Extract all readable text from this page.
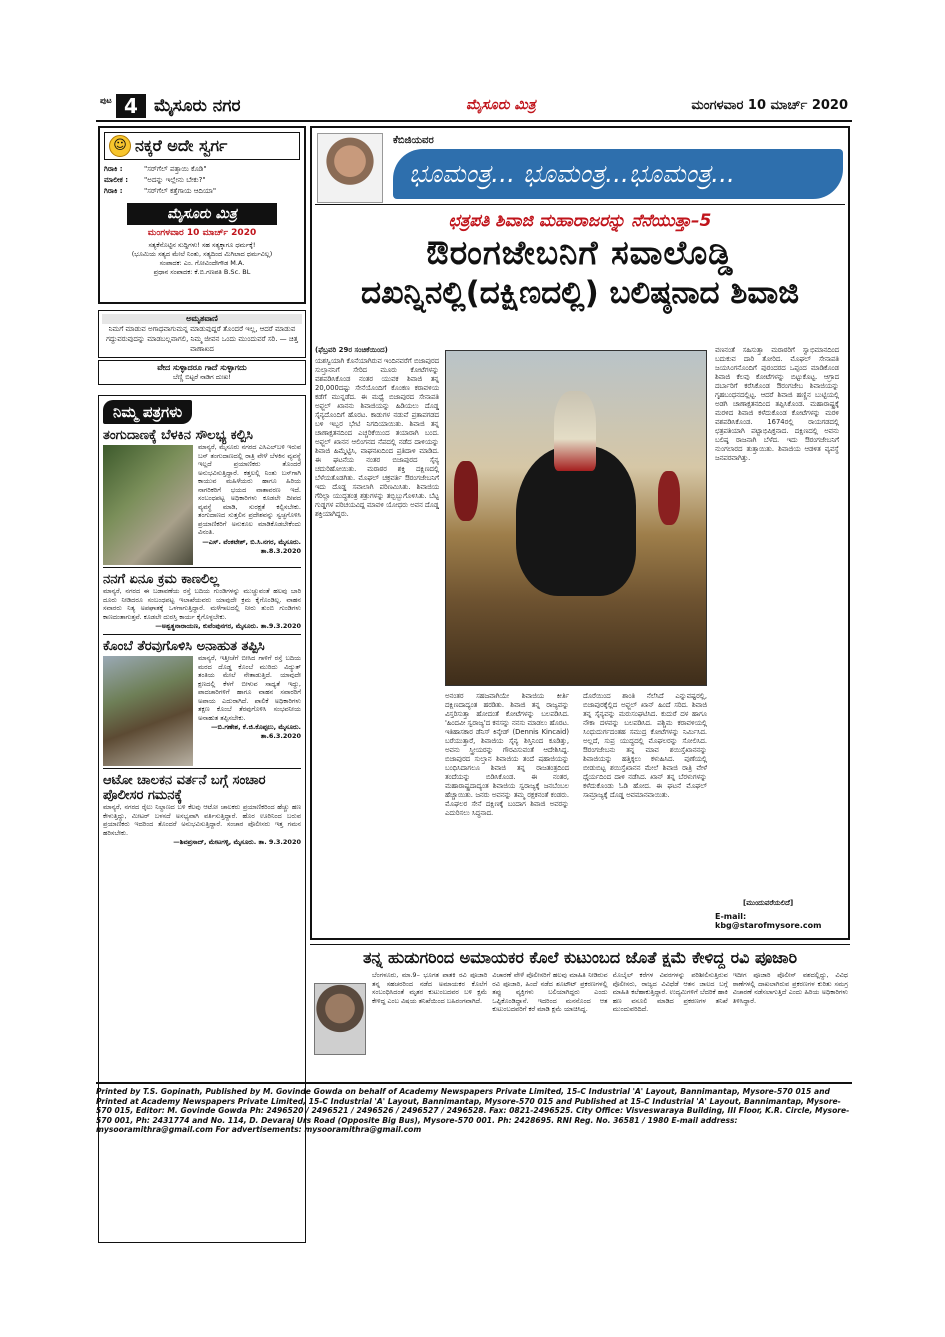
ಪುಟ 4 ಮೈಸೂರು ನಗರ	ಮೈಸೂರು ಮಿತ್ರ	ಮಂಗಳವಾರ 10 ಮಾರ್ಚ್ 2020
☺ ನಕ್ಕರೆ ಅದೇ ಸ್ವರ್ಗ
ಗಿರಾಕಿ :	"ಸರ್‌ಗೆಲ್ ಪತ್ತಾಯಿ ಕೊಡಿ"
ಮಾಲೀಕ :	"ಅದನ್ನು ಇಲ್ಲೇನು ಬೇಕು?"
ಗಿರಾಕಿ :	"ಸರ್‌ಗೆಲ್ ಕತ್ತೆಗಾಯ ಆದಿಯಾ"
ಮೈಸೂರು ಮಿತ್ರ
ಮಂಗಳವಾರ 10 ಮಾರ್ಚ್ 2020
ಸತ್ಯಕೆನೊಟ್ಟಿನ ಸುದ್ದಿಗಳು! ಸಹ ಸತ್ಯಕ್ಕಾಗೂ ಧರ್ಮಕ್ಕೆ!
(ಭೂಮಿಯ ಸತ್ಯದ ಮೇಲೆ ನಿಂತು, ಸತ್ಯದಿಂದ ಮಿಗಿಲಾದ ಧರ್ಮವಿಲ್ಲ)
ಸಂಪಾದಕ: ಎಂ. ಗೋವಿಂದೇಗೌಡ M.A.
ಪ್ರಧಾನ ಸಂಪಾದಕ: ಕೆ.ಬಿ.ಗಣಪತಿ B.Sc. BL
ಅಮೃತವಾಣಿ
ನಿಮಗೆ ಮಾಡುವ ಅಗಾಧವಾಗುಮನ್ನ ಮಾಡುವುದ್ದರೆ ತೊಂದರೆ ಇಲ್ಲ, ಆದರೆ ಮಾಡುವ ಗದ್ದುವರುವುದನ್ನು ಮಾಡಬಲ್ಲವಾಗಲಿ, ನಿಮ್ಮ ಜೀವನ ಒಂದು ಮುಂದುವರೆ ಸರಿ. — ಚಿತ್ತ ವಾಣಾಖದ
ವೇದ ಸುಳ್ಳಾದರೂ ಗಾದೆ ಸುಳ್ಳಾಗದು
ಬೆಣ್ಣಿ ಬಿಟ್ಟರೆ ನಾಡಿಗ ದುಃಖ!
ನಿಮ್ಮ ಪತ್ರಗಳು
ತಂಗುದಾಣಕ್ಕೆ ಬೆಳಕಿನ ಸೌಲಭ್ಯ ಕಲ್ಪಿಸಿ
ಮಾನ್ಯರೆ, ಮೈಸೂರು ನಗರದ ಎಸಿಎಲ್‌ಬಳಿ ಇರುವ ಬಸ್ ತಂಗುದಾಣದಲ್ಲಿ ರಾತ್ರಿ ವೇಳೆ ಬೆಳಕಿನ ವ್ಯವಸ್ಥೆ ಇಲ್ಲದೆ ಪ್ರಯಾಣಿಕರು ತೊಂದರೆ ಅನುಭವಿಸುತ್ತಿದ್ದಾರೆ. ಕತ್ತಲಲ್ಲಿ ನಿಂತು ಬಸ್‌ಗಾಗಿ ಕಾಯುವ ಮಹಿಳೆಯರು ಹಾಗೂ ಹಿರಿಯ ನಾಗರಿಕರಿಗೆ ಭಯದ ವಾತಾವರಣ ಇದೆ. ಸಂಬಂಧಪಟ್ಟ ಅಧಿಕಾರಿಗಳು ಕೂಡಲೇ ದೀಪದ ವ್ಯವಸ್ಥೆ ಮಾಡಿ, ಸುರಕ್ಷತೆ ಕಲ್ಪಿಸಬೇಕು. ತಂಗುದಾಣದ ಸುತ್ತಲಿನ ಪ್ರದೇಶವನ್ನು ಸ್ವಚ್ಛಗೊಳಿಸಿ ಪ್ರಯಾಣಿಕರಿಗೆ ಅನುಕೂಲ ಮಾಡಿಕೊಡಬೇಕೆಂದು ವಿನಂತಿ.
—ಎಸ್. ವೆಂಕಟೇಶ್, ಬಿ.ಸಿ.ನಗರ, ಮೈಸೂರು. ತಾ.8.3.2020
ನನಗೆ ಏನೂ ಕ್ರಮ ಕಾಣಲಿಲ್ಲ
ಮಾನ್ಯರೆ, ನಗರದ ಈ ಬಡಾವಣೆಯ ರಸ್ತೆ ಬದಿಯ ಗುಂಡಿಗಳನ್ನು ಮುಚ್ಚುವಂತೆ ಹಲವು ಬಾರಿ ದೂರು ನೀಡಿದರೂ ಸಂಬಂಧಪಟ್ಟ ಇಲಾಖೆಯವರು ಯಾವುದೇ ಕ್ರಮ ಕೈಗೊಂಡಿಲ್ಲ. ವಾಹನ ಸವಾರರು ನಿತ್ಯ ಅಪಘಾತಕ್ಕೆ ಒಳಗಾಗುತ್ತಿದ್ದಾರೆ. ಮಳೆಗಾಲದಲ್ಲಿ ನೀರು ತುಂಬಿ ಗುಂಡಿಗಳು ಕಾಣದಂತಾಗುತ್ತವೆ. ಕೂಡಲೇ ದುರಸ್ತಿ ಕಾರ್ಯ ಕೈಗೊಳ್ಳಬೇಕು.
—ಅಶ್ವತ್ಥನಾರಾಯಣ, ಕುವೆಂಪುನಗರ, ಮೈಸೂರು. ತಾ.9.3.2020
ಕೊಂಬೆ ತೆರವುಗೊಳಿಸಿ ಅನಾಹುತ ತಪ್ಪಿಸಿ
ಮಾನ್ಯರೆ, ಇತ್ತೀಚೆಗೆ ಬೀಸಿದ ಗಾಳಿಗೆ ರಸ್ತೆ ಬದಿಯ ಮರದ ದೊಡ್ಡ ಕೊಂಬೆ ಮುರಿದು ವಿದ್ಯುತ್ ತಂತಿಯ ಮೇಲೆ ನೇತಾಡುತ್ತಿದೆ. ಯಾವುದೇ ಕ್ಷಣದಲ್ಲಿ ಕೆಳಗೆ ಬೀಳುವ ಸಾಧ್ಯತೆ ಇದ್ದು, ಪಾದಚಾರಿಗಳಿಗೆ ಹಾಗೂ ವಾಹನ ಸವಾರರಿಗೆ ಅಪಾಯ ಎದುರಾಗಿದೆ. ಪಾಲಿಕೆ ಅಧಿಕಾರಿಗಳು ತಕ್ಷಣ ಕೊಂಬೆ ತೆರವುಗೊಳಿಸಿ ಸಂಭವನೀಯ ಅನಾಹುತ ತಪ್ಪಿಸಬೇಕು.
—ಬಿ.ಗಣೇಶ, ಕೆ.ಜಿ.ಕೊಪ್ಪಲು, ಮೈಸೂರು. ತಾ.6.3.2020
ಆಟೋ ಚಾಲಕನ ವರ್ತನೆ ಬಗ್ಗೆ ಸಂಚಾರ ಪೊಲೀಸರ ಗಮನಕ್ಕೆ
ಮಾನ್ಯರೆ, ನಗರದ ರೈಲು ನಿಲ್ದಾಣದ ಬಳಿ ಕೆಲವು ಆಟೋ ಚಾಲಕರು ಪ್ರಯಾಣಿಕರಿಂದ ಹೆಚ್ಚು ಹಣ ಕೇಳುತ್ತಿದ್ದು, ಮೀಟರ್ ಬಳಸದೆ ಅಸಭ್ಯವಾಗಿ ವರ್ತಿಸುತ್ತಿದ್ದಾರೆ. ಹೊರ ಊರಿನಿಂದ ಬರುವ ಪ್ರಯಾಣಿಕರು ಇದರಿಂದ ತೊಂದರೆ ಅನುಭವಿಸುತ್ತಿದ್ದಾರೆ. ಸಂಚಾರ ಪೊಲೀಸರು ಇತ್ತ ಗಮನ ಹರಿಸಬೇಕು.
—ಶಿವಪ್ರಸಾದ್, ಮೇಟಗಳ್ಳಿ, ಮೈಸೂರು. ತಾ. 9.3.2020
ಕೆಬಿಜಿಯವರ
ಭೂಮಂತ್ರ... ಭೂಮಂತ್ರ...ಭೂಮಂತ್ರ...
ಛತ್ರಪತಿ ಶಿವಾಜಿ ಮಹಾರಾಜರನ್ನು ನೆನೆಯುತ್ತಾ–5
ಔರಂಗಜೇಬನಿಗೆ ಸವಾಲೊಡ್ಡಿ
ದಖನ್ನಿನಲ್ಲಿ(ದಕ್ಷಿಣದಲ್ಲಿ) ಬಲಿಷ್ಠನಾದ ಶಿವಾಜಿ
(ಫೆಬ್ರವರಿ 29ರ ಸಂಚಿಕೆಯಿಂದ)
ಯಶಸ್ವಿಯಾಗಿ ಕೊನೆಯಾಗಿರುವ ಇಂದಿನವರೆಗೆ ಬಿಜಾಪುರದ ಸುಲ್ತಾನನಿಗೆ ಸೇರಿದ ಮೂರು ಕೋಟೆಗಳನ್ನು ವಶಪಡಿಸಿಕೊಂಡ ನಂತರ ಯುವಕ ಶಿವಾಜಿ ತನ್ನ 20,000ದಷ್ಟು ಸೇನೆಯೊಂದಿಗೆ ಕೊಂಕಣ ಕರಾವಳಿಯ ಕಡೆಗೆ ಮುನ್ನಡೆದ. ಈ ಮಧ್ಯೆ ಬಿಜಾಪುರದ ಸೇನಾಪತಿ ಅಫ್ಜಲ್ ಖಾನನು ಶಿವಾಜಿಯನ್ನು ಹಿಡಿಯಲು ದೊಡ್ಡ ಸೈನ್ಯದೊಂದಿಗೆ ಹೊರಟ. ಕಾಡುಗಳ ನಡುವೆ ಪ್ರತಾಪಗಡದ ಬಳಿ ಇಬ್ಬರ ಭೇಟಿ ನಿಗದಿಯಾಯಿತು. ಶಿವಾಜಿ ತನ್ನ ಚಾಣಾಕ್ಷತನದಿಂದ ಎಚ್ಚರಿಕೆಯಿಂದ ತಯಾರಾಗಿ ಬಂದ. ಅಫ್ಜಲ್ ಖಾನನ ಆಲಿಂಗನದ ನೆಪದಲ್ಲಿ ನಡೆದ ದಾಳಿಯನ್ನು ಶಿವಾಜಿ ಹಿಮ್ಮೆಟ್ಟಿಸಿ, ವಾಘನಖದಿಂದ ಪ್ರತಿದಾಳಿ ಮಾಡಿದ. ಈ ಘಟನೆಯ ನಂತರ ಬಿಜಾಪುರದ ಸೈನ್ಯ ಚದುರಿಹೋಯಿತು. ಮರಾಠರ ಶಕ್ತಿ ದಕ್ಷಿಣದಲ್ಲಿ ಬೆಳೆಯತೊಡಗಿತು. ಮೊಘಲ್ ಚಕ್ರವರ್ತಿ ಔರಂಗಜೇಬನಿಗೆ ಇದು ದೊಡ್ಡ ಸವಾಲಾಗಿ ಪರಿಣಮಿಸಿತು. ಶಿವಾಜಿಯ ಗೆರಿಲ್ಲಾ ಯುದ್ಧತಂತ್ರ ಶತ್ರುಗಳನ್ನು ತಬ್ಬಿಬ್ಬುಗೊಳಿಸಿತು. ಬೆಟ್ಟ ಗುಡ್ಡಗಳ ಪರಿಚಯವಿದ್ದ ಮಾವಳಿ ಯೋಧರು ಅವನ ದೊಡ್ಡ ಶಕ್ತಿಯಾಗಿದ್ದರು.
ಅನಂತರ ಸಹಜವಾಗಿಯೇ ಶಿವಾಜಿಯ ಕೀರ್ತಿ ದಕ್ಷಿಣದಾದ್ಯಂತ ಹರಡಿತು. ಶಿವಾಜಿ ತನ್ನ ರಾಜ್ಯವನ್ನು ವಿಸ್ತರಿಸುತ್ತಾ ಹೋದಂತೆ ಕೋಟೆಗಳನ್ನು ಬಲಪಡಿಸಿದ. 'ಹಿಂದವೀ ಸ್ವರಾಜ್ಯ'ದ ಕನಸನ್ನು ನನಸು ಮಾಡಲು ಹೊರಟ. ಇತಿಹಾಸಕಾರ ಡೆನಿಸ್ ಕಿನ್ಕೇಡ್ (Dennis Kincaid) ಬರೆಯುತ್ತಾರೆ, ಶಿವಾಜಿಯ ಸೈನ್ಯ ಶಿಸ್ತಿನಿಂದ ಕೂಡಿತ್ತು, ಅವನು ಸ್ತ್ರೀಯರನ್ನು ಗೌರವಿಸುವಂತೆ ಆದೇಶಿಸಿದ್ದ. ಬಿಜಾಪುರದ ಸುಲ್ತಾನ ಶಿವಾಜಿಯ ತಂದೆ ಷಹಾಜಿಯನ್ನು ಬಂಧಿಸಿದಾಗಲೂ ಶಿವಾಜಿ ತನ್ನ ರಾಜತಂತ್ರದಿಂದ ತಂದೆಯನ್ನು ಬಿಡಿಸಿಕೊಂಡ. ಈ ನಂತರ, ಮಹಾರಾಷ್ಟ್ರದಾದ್ಯಂತ ಶಿವಾಜಿಯ ಸ್ವರಾಜ್ಯಕ್ಕೆ ಜನಬೆಂಬಲ ಹೆಚ್ಚಾಯಿತು. ಜನರು ಅವನನ್ನು ತಮ್ಮ ರಕ್ಷಕನಂತೆ ಕಂಡರು. ಮೊಘಲರ ಸೇನೆ ದಕ್ಷಿಣಕ್ಕೆ ಬಂದಾಗ ಶಿವಾಜಿ ಅವರನ್ನು ಎದುರಿಸಲು ಸಿದ್ಧನಾದ.
ದೊರೆಯಿಂದ ಶಾಂತಿ ನೆಲೆಸಿದೆ ಎನ್ನುವಷ್ಟರಲ್ಲಿ, ಬಿಜಾಪುರಕ್ಕೆಲ್ಲಿದ ಅಫ್ಜಲ್ ಖಾನ್ ಹಿಂದೆ ಸರಿದ. ಶಿವಾಜಿ ತನ್ನ ಸೈನ್ಯವನ್ನು ಮರುಸಂಘಟಿಸಿದ. ಕುದುರೆ ದಳ ಹಾಗೂ ನೌಕಾ ದಳವನ್ನು ಬಲಪಡಿಸಿದ. ಪಶ್ಚಿಮ ಕರಾವಳಿಯಲ್ಲಿ ಸಿಂಧುದುರ್ಗದಂತಹ ಸಮುದ್ರ ಕೋಟೆಗಳನ್ನು ನಿರ್ಮಿಸಿದ. ಅಲ್ಲದೆ, ಸುಪ್ರ ಯುದ್ಧದಲ್ಲಿ ಮೊಘಲರನ್ನು ಸೋಲಿಸಿದ. ಔರಂಗಜೇಬನು ತನ್ನ ಮಾವ ಶಯಿಸ್ತೆಖಾನನನ್ನು ಶಿವಾಜಿಯನ್ನು ಹತ್ತಿಕ್ಕಲು ಕಳುಹಿಸಿದ. ಪುಣೆಯಲ್ಲಿ ಬೀಡುಬಿಟ್ಟ ಶಯಿಸ್ತೆಖಾನನ ಮೇಲೆ ಶಿವಾಜಿ ರಾತ್ರಿ ವೇಳೆ ಧೈರ್ಯದಿಂದ ದಾಳಿ ನಡೆಸಿದ. ಖಾನ್ ತನ್ನ ಬೆರಳುಗಳನ್ನು ಕಳೆದುಕೊಂಡು ಓಡಿ ಹೋದ. ಈ ಘಟನೆ ಮೊಘಲ್ ಸಾಮ್ರಾಜ್ಯಕ್ಕೆ ದೊಡ್ಡ ಅವಮಾನವಾಯಿತು.
ವಣನಂತೆ ಸಹಿಸುತ್ತಾ ಮರಾಠರಿಗೆ ಸ್ವಾಭಿಮಾನದಿಂದ ಬದುಕುವ ದಾರಿ ತೋರಿದ. ಮೊಘಲ್ ಸೇನಾಪತಿ ಜಯಸಿಂಗನೊಂದಿಗೆ ಪುರಂದರದ ಒಪ್ಪಂದ ಮಾಡಿಕೊಂಡ ಶಿವಾಜಿ ಕೆಲವು ಕೋಟೆಗಳನ್ನು ಬಿಟ್ಟುಕೊಟ್ಟ. ಆಗ್ರಾದ ದರ್ಬಾರಿಗೆ ಕರೆಸಿಕೊಂಡ ಔರಂಗಜೇಬ ಶಿವಾಜಿಯನ್ನು ಗೃಹಬಂಧನದಲ್ಲಿಟ್ಟ. ಆದರೆ ಶಿವಾಜಿ ಹಣ್ಣಿನ ಬುಟ್ಟಿಯಲ್ಲಿ ಅಡಗಿ ಚಾಣಾಕ್ಷತನದಿಂದ ತಪ್ಪಿಸಿಕೊಂಡ. ಮಹಾರಾಷ್ಟ್ರಕ್ಕೆ ಮರಳಿದ ಶಿವಾಜಿ ಕಳೆದುಕೊಂಡ ಕೋಟೆಗಳನ್ನು ಮರಳಿ ವಶಪಡಿಸಿಕೊಂಡ. 1674ರಲ್ಲಿ ರಾಯಗಡದಲ್ಲಿ ಛತ್ರಪತಿಯಾಗಿ ಪಟ್ಟಾಭಿಷಿಕ್ತನಾದ. ದಕ್ಷಿಣದಲ್ಲಿ ಅವನು ಬಲಿಷ್ಠ ರಾಜನಾಗಿ ಬೆಳೆದ. ಇದು ಔರಂಗಜೇಬನಿಗೆ ನುಂಗಲಾರದ ತುತ್ತಾಯಿತು. ಶಿವಾಜಿಯ ಆಡಳಿತ ವ್ಯವಸ್ಥೆ ಜನಪರವಾಗಿತ್ತು.
[ಮುಂದುವರೆಯಲಿದೆ]
E-mail: kbg@starofmysore.com
ತನ್ನ ಹುಡುಗರಿಂದ ಅಮಾಯಕರ ಕೊಲೆ ಕುಟುಂಬದ ಜೊತೆ ಕ್ಷಮೆ ಕೇಳಿದ್ದ ರವಿ ಪೂಜಾರಿ
ಬೆಂಗಳೂರು, ಮಾ.9– ಭೂಗತ ಪಾತಕಿ ರವಿ ಪೂಜಾರಿ ತನ್ನ ಸಹಚರರಿಂದ ನಡೆದ ಅಮಾಯಕರ ಕೊಲೆಗೆ ಸಂಬಂಧಿಸಿದಂತೆ ಮೃತರ ಕುಟುಂಬದವರ ಬಳಿ ಕ್ಷಮೆ ಕೇಳಿದ್ದ ಎಂಬ ವಿಷಯ ತನಿಖೆಯಿಂದ ಬಹಿರಂಗವಾಗಿದೆ.
ವಿಚಾರಣೆ ವೇಳೆ ಪೊಲೀಸರಿಗೆ ಹಲವು ಮಾಹಿತಿ ನೀಡಿರುವ ರವಿ ಪೂಜಾರಿ, ಹಿಂದೆ ನಡೆದ ಶೂಟೌಟ್ ಪ್ರಕರಣಗಳಲ್ಲಿ ತಪ್ಪು ವ್ಯಕ್ತಿಗಳು ಬಲಿಯಾಗಿದ್ದರು ಎಂದು ಒಪ್ಪಿಕೊಂಡಿದ್ದಾನೆ. ಇದರಿಂದ ಮನನೊಂದ ಆತ ಕುಟುಂಬದವರಿಗೆ ಕರೆ ಮಾಡಿ ಕ್ಷಮೆ ಯಾಚಿಸಿದ್ದ.
ಮೊಬೈಲ್ ಕರೆಗಳ ವಿವರಗಳನ್ನು ಪರಿಶೀಲಿಸುತ್ತಿರುವ ಪೊಲೀಸರು, ರಾಜ್ಯದ ವಿವಿಧೆಡೆ ಆತನ ಜಾಲದ ಬಗ್ಗೆ ಮಾಹಿತಿ ಕಲೆಹಾಕುತ್ತಿದ್ದಾರೆ. ಉದ್ಯಮಿಗಳಿಗೆ ಬೆದರಿಕೆ ಹಾಕಿ ಹಣ ವಸೂಲಿ ಮಾಡಿದ ಪ್ರಕರಣಗಳ ತನಿಖೆ ಮುಂದುವರಿದಿದೆ.
ಇದೀಗ ಪೂಜಾರಿ ಪೊಲೀಸ್ ವಶದಲ್ಲಿದ್ದು, ವಿವಿಧ ಠಾಣೆಗಳಲ್ಲಿ ದಾಖಲಾಗಿರುವ ಪ್ರಕರಣಗಳ ಕುರಿತು ಸಮಗ್ರ ವಿಚಾರಣೆ ನಡೆಸಲಾಗುತ್ತಿದೆ ಎಂದು ಹಿರಿಯ ಅಧಿಕಾರಿಗಳು ತಿಳಿಸಿದ್ದಾರೆ.
Printed by T.S. Gopinath, Published by M. Govinde Gowda on behalf of Academy Newspapers Private Limited, 15-C Industrial 'A' Layout, Bannimantap, Mysore-570 015 and Printed at Academy Newspapers Private Limited, 15-C Industrial 'A' Layout, Bannimantap, Mysore-570 015 and Published at 15-C Industrial 'A' Layout, Bannimantap, Mysore-570 015, Editor: M. Govinde Gowda Ph: 2496520 / 2496521 / 2496526 / 2496527 / 2496528. Fax: 0821-2496525. City Office: Visveswaraya Building, III Floor, K.R. Circle, Mysore-570 001, Ph: 2431774 and No. 114, D. Devaraj Urs Road (Opposite Big Bus), Mysore-570 001. Ph: 2428695. RNI Reg. No. 36581 / 1980 E-mail address: mysooramithra@gmail.com For advertisements: mysooramithra@gmail.com
